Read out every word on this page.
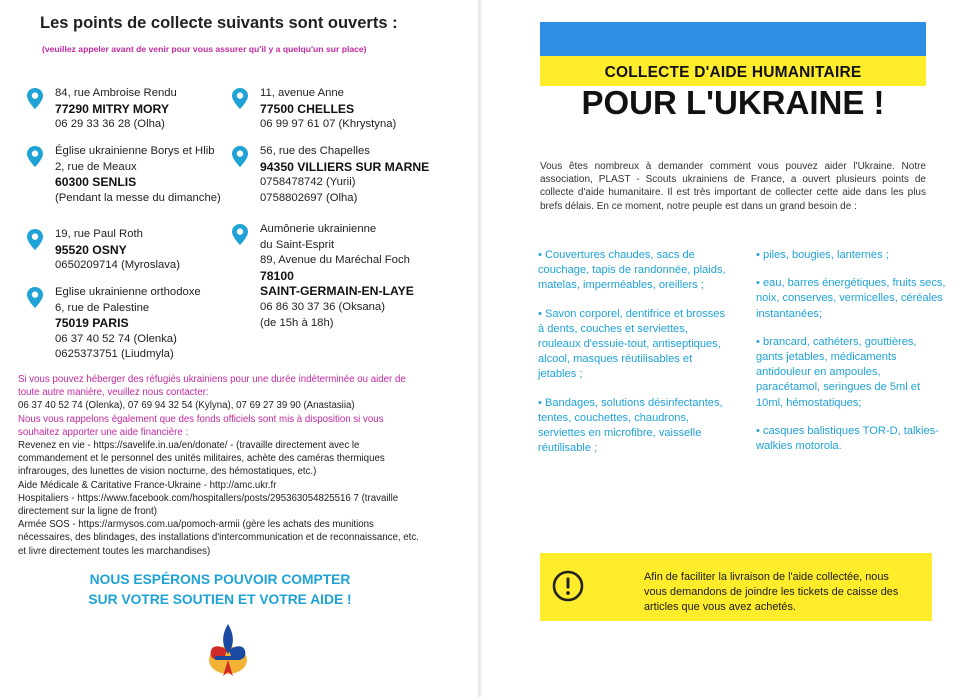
Les points de collecte suivants sont ouverts :
(veuillez appeler avant de venir pour vous assurer qu'il y a quelqu'un sur place)
84, rue Ambroise Rendu
77290 MITRY MORY
06 29 33 36 28 (Olha)
Église ukrainienne Borys et Hlib
2, rue de Meaux
60300 SENLIS
(Pendant la messe du dimanche)
19, rue Paul Roth
95520 OSNY
0650209714 (Myroslava)
Eglise ukrainienne orthodoxe
6, rue de Palestine
75019 PARIS
06 37 40 52 74 (Olenka)
0625373751 (Liudmyla)
11, avenue Anne
77500 CHELLES
06 99 97 61 07 (Khrystyna)
56, rue des Chapelles
94350 VILLIERS SUR MARNE
0758478742 (Yurii)
0758802697 (Olha)
Aumônerie ukrainienne
du Saint-Esprit
89, Avenue du Maréchal Foch
78100
SAINT-GERMAIN-EN-LAYE
06 86 30 37 36 (Oksana)
(de 15h à 18h)
Si vous pouvez héberger des réfugiés ukrainiens pour une durée indéterminée ou aider de toute autre manière, veuillez nous contacter:
06 37 40 52 74 (Olenka), 07 69 94 32 54 (Kylyna), 07 69 27 39 90 (Anastasiia)
Nous vous rappelons également que des fonds officiels sont mis à disposition si vous souhaitez apporter une aide financière :
Revenez en vie - https://savelife.in.ua/en/donate/ - (travaille directement avec le commandement et le personnel des unités militaires, achète des caméras thermiques infrarouges, des lunettes de vision nocturne, des hémostatiques, etc.)
Aide Médicale & Caritative France-Ukraine - http://amc.ukr.fr
Hospitaliers - https://www.facebook.com/hospitallers/posts/295363054825516 7 (travaille directement sur la ligne de front)
Armée SOS - https://armysos.com.ua/pomoch-armii (gère les achats des munitions nécessaires, des blindages, des installations d'intercommunication et de reconnaissance, etc. et livre directement toutes les marchandises)
NOUS ESPÉRONS POUVOIR COMPTER
SUR VOTRE SOUTIEN ET VOTRE AIDE !
COLLECTE D'AIDE HUMANITAIRE
POUR L'UKRAINE !
Vous êtes nombreux à demander comment vous pouvez aider l'Ukraine. Notre association, PLAST - Scouts ukrainiens de France, a ouvert plusieurs points de collecte d'aide humanitaire. Il est très important de collecter cette aide dans les plus brefs délais. En ce moment, notre peuple est dans un grand besoin de :
• Couvertures chaudes, sacs de couchage, tapis de randonnée, plaids, matelas, imperméables, oreillers ;
• Savon corporel, dentifrice et brosses à dents, couches et serviettes, rouleaux d'essuie-tout, antiseptiques, alcool, masques réutilisables et jetables ;
• Bandages, solutions désinfectantes, tentes, couchettes, chaudrons, serviettes en microfibre, vaisselle réutilisable ;
• piles, bougies, lanternes ;
• eau, barres énergétiques, fruits secs, noix, conserves, vermicelles, céréales instantanées;
• brancard, cathéters, gouttières, gants jetables, médicaments antidouleur en ampoules, paracétamol, seringues de 5ml et 10ml, hémostatiques;
• casques balistiques TOR-D, talkies-walkies motorola.
Afin de faciliter la livraison de l'aide collectée, nous vous demandons de joindre les tickets de caisse des articles que vous avez achetés.
